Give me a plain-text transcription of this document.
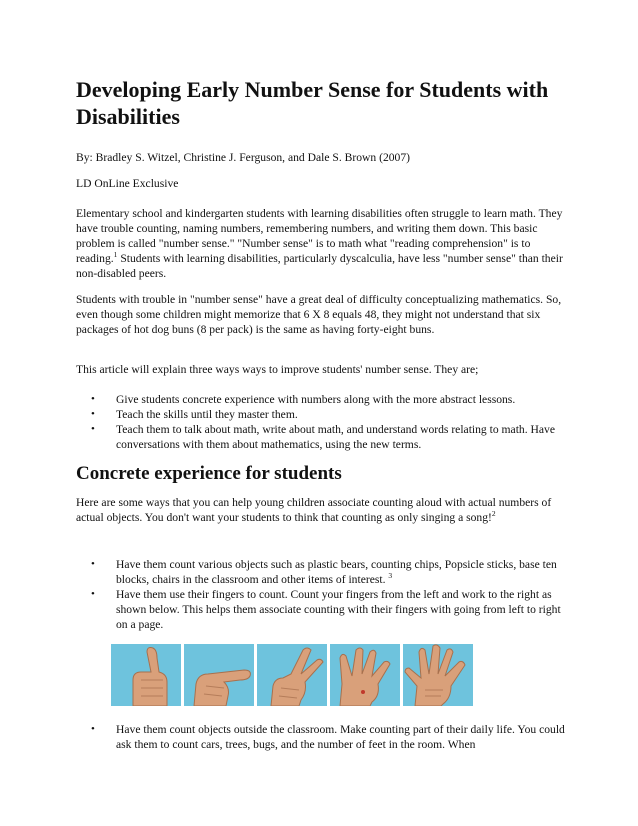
Developing Early Number Sense for Students with Disabilities

By: Bradley S. Witzel, Christine J. Ferguson, and Dale S. Brown (2007)

LD OnLine Exclusive

Elementary school and kindergarten students with learning disabilities often struggle to learn math. They have trouble counting, naming numbers, remembering numbers, and writing them down. This basic problem is called "number sense." "Number sense" is to math what "reading comprehension" is to reading.$^1$ Students with learning disabilities, particularly dyscalculia, have less "number sense" than their non-disabled peers.

Students with trouble in "number sense" have a great deal of difficulty conceptualizing mathematics. So, even though some children might memorize that 6 X 8 equals 48, they might not understand that six packages of hot dog buns (8 per pack) is the same as having forty-eight buns.

This article will explain three ways ways to improve students' number sense. They are;

• Give students concrete experience with numbers along with the more abstract lessons.
• Teach the skills until they master them.
• Teach them to talk about math, write about math, and understand words relating to math. Have conversations with them about mathematics, using the new terms.
Concrete experience for students

Here are some ways that you can help young children associate counting aloud with actual numbers of actual objects. You don't want your students to think that counting as only singing a song!$^2$

• Have them count various objects such as plastic bears, counting chips, Popsicle sticks, base ten blocks, chairs in the classroom and other items of interest. $^3$
• Have them use their fingers to count. Count your fingers from the left and work to the right as shown below. This helps them associate counting with their fingers with going from left to right on a page.
• Have them count objects outside the classroom. Make counting part of their daily life. You could ask them to count cars, trees, bugs, and the number of feet in the room. When
